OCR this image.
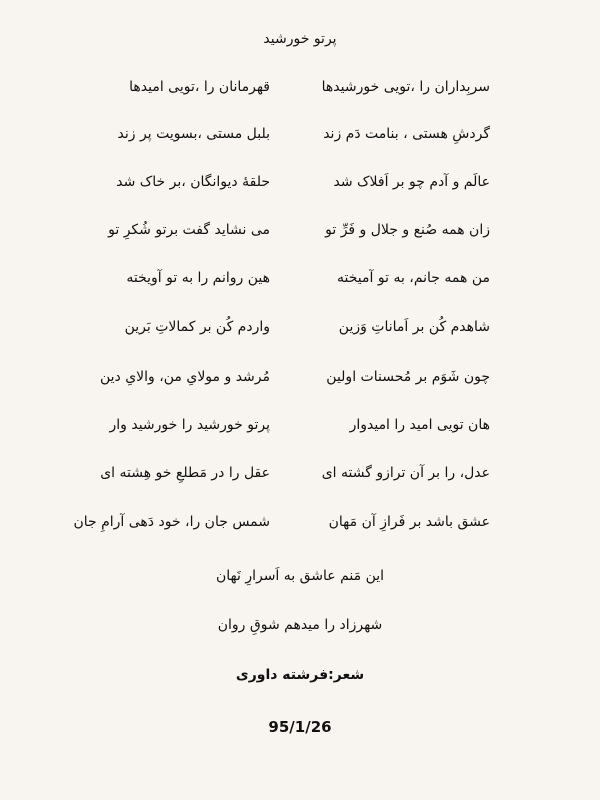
پرتو خورشید
سربِداران را ،تویی خورشیدها
قهرمانان را ،تویی امیدها
گردشِ هستی ، بنامت دَم زند
بلبل مستی ،بسویت پر زند
عالَم و آدم چو بر اَفلاک شد
حلقهٔ دیوانگان ،بر خاک شد
زان همه صُنع و جلال و فَرِّ تو
می نشاید گفت برتو شُکرِ تو
من همه جانم، به تو آمیخته
هین روانم را به تو آویخته
شاهدم کُن بر اَماناتِ وَزین
واردم کُن بر کمالاتِ بَرین
چون شَوَم بر مُحسنات اولین
مُرشد و مولایِ من، والایِ دین
هان تویی امید را امیدوار
پرتو خورشید را خورشید وار
عدل، را بر آن ترازو گشته ای
عقل را در مَطلعِ خو هِشته ای
عشق باشد بر فَرازِ آن مَهان
شمس جان را، خود دَهی آرامِ جان
این مَنم عاشق به اَسرارِ نَهان
شهرزاد را میدهم شوقِ روان
شعر:فرشته داوری
95/1/26
